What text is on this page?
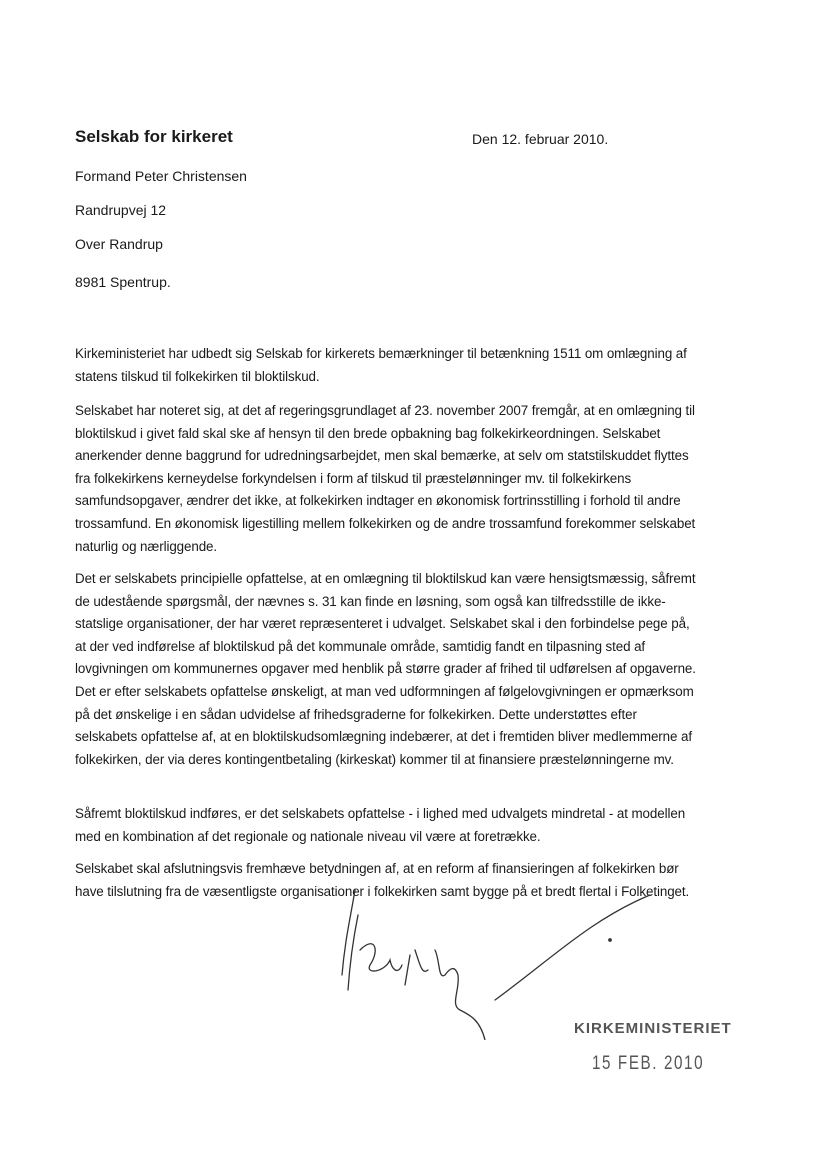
Selskab for kirkeret	Den 12. februar 2010.
Formand Peter Christensen
Randrupvej 12
Over Randrup
8981 Spentrup.
Kirkeministeriet har udbedt sig Selskab for kirkerets bemærkninger til betænkning 1511 om omlægning af
statens tilskud til folkekirken til bloktilskud.
Selskabet har noteret sig, at det af regeringsgrundlaget af 23. november 2007 fremgår, at en omlægning til
bloktilskud i givet fald skal ske af hensyn til den brede opbakning bag folkekirkeordningen. Selskabet
anerkender denne baggrund for udredningsarbejdet, men skal bemærke, at selv om statstilskuddet flyttes
fra folkekirkens kerneydelse forkyndelsen i form af tilskud til præstelønninger mv. til folkekirkens
samfundsopgaver, ændrer det ikke, at folkekirken indtager en økonomisk fortrinsstilling i forhold til andre
trossamfund. En økonomisk ligestilling mellem folkekirken og de andre trossamfund forekommer selskabet
naturlig og nærliggende.
Det er selskabets principielle opfattelse, at en omlægning til bloktilskud kan være hensigtsmæssig, såfremt
de udestående spørgsmål, der nævnes s. 31 kan finde en løsning, som også kan tilfredsstille de ikke-
statslige organisationer, der har været repræsenteret i udvalget. Selskabet skal i den forbindelse pege på,
at der ved indførelse af bloktilskud på det kommunale område, samtidig fandt en tilpasning sted af
lovgivningen om kommunernes opgaver med henblik på større grader af frihed til udførelsen af opgaverne.
Det er efter selskabets opfattelse ønskeligt, at man ved udformningen af følgelovgivningen er opmærksom
på det ønskelige i en sådan udvidelse af frihedsgraderne for folkekirken. Dette understøttes efter
selskabets opfattelse af, at en bloktilskudsomlægning indebærer, at det i fremtiden bliver medlemmerne af
folkekirken, der via deres kontingentbetaling (kirkeskat) kommer til at finansiere præstelønningerne mv.
Såfremt bloktilskud indføres, er det selskabets opfattelse - i lighed med udvalgets mindretal - at modellen
med en kombination af det regionale og nationale niveau vil være at foretrække.
Selskabet skal afslutningsvis fremhæve betydningen af, at en reform af finansieringen af folkekirken bør
have tilslutning fra de væsentligste organisationer i folkekirken samt bygge på et bredt flertal i Folketinget.
KIRKEMINISTERIET
15 FEB. 2010
